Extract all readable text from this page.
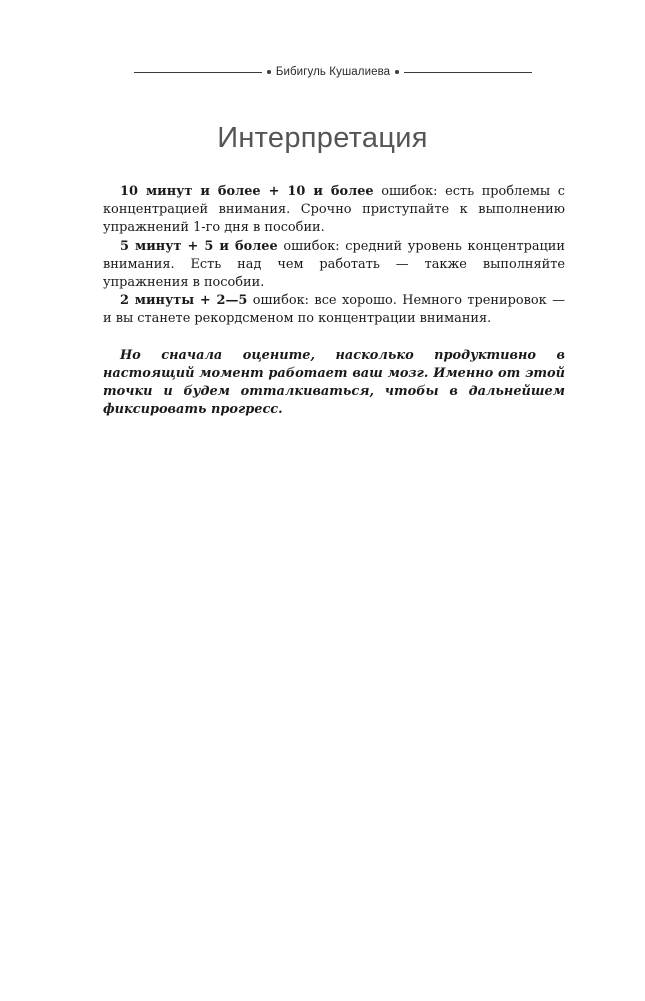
Бибигуль Кушалиева
Интерпретация

10 минут и более + 10 и более ошибок: есть проблемы с концентрацией внимания. Срочно приступайте к выполнению упражнений 1-го дня в пособии.

5 минут + 5 и более ошибок: средний уровень концентрации внимания. Есть над чем работать — также выполняйте упражнения в пособии.

2 минуты + 2—5 ошибок: все хорошо. Немного тренировок — и вы станете рекордсменом по концентрации внимания.

Но сначала оцените, насколько продуктивно в настоящий момент работает ваш мозг. Именно от этой точки и будем отталкиваться, чтобы в дальнейшем фиксировать прогресс.
